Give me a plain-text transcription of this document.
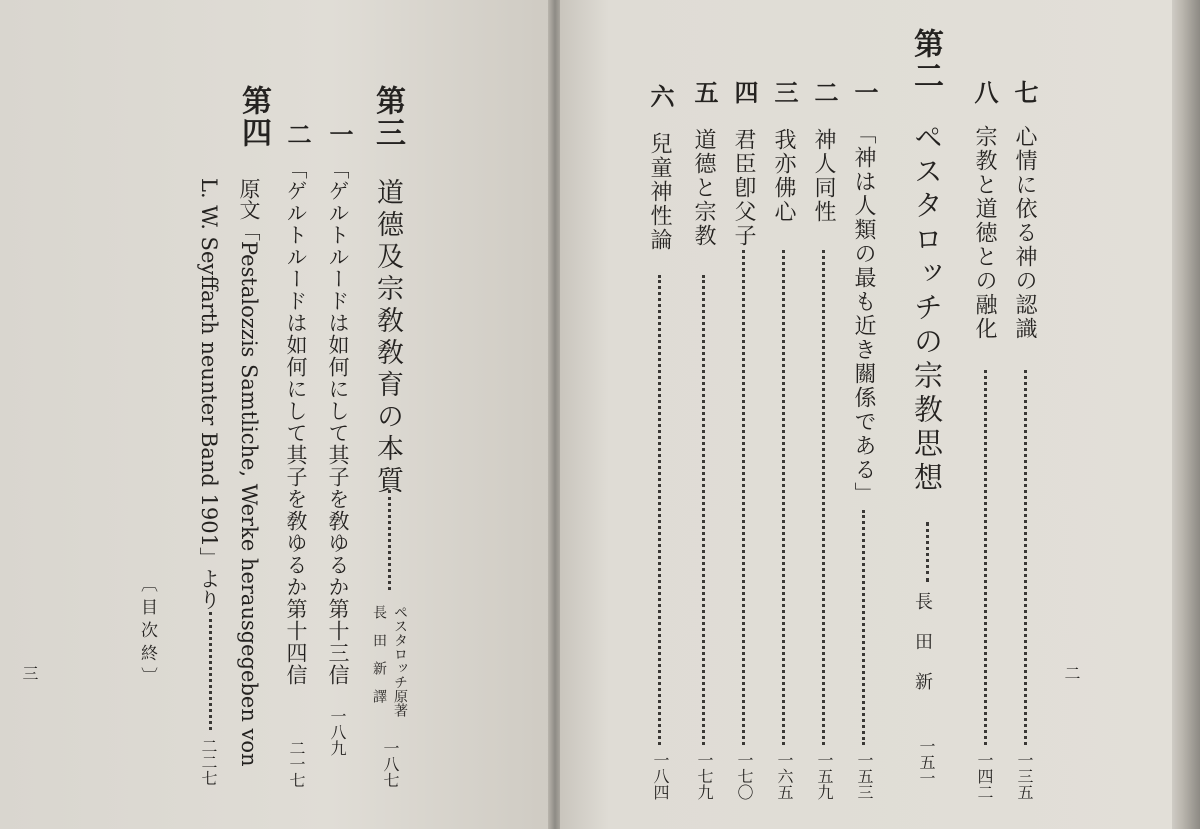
第三
道德及宗敎敎育の本質
ペスタロッチ原著
長田新譯
一八七
一
「ゲルトルードは如何にして其子を敎ゆるか第十三信
一八九
二
「ゲルトルードは如何にして其子を敎ゆるか第十四信
二一七
第四
原文「Pestalozzis Samtliche, Werke herausgegeben von
L. W. Seyffarth neunter Band 1901」より
二二七
〔目次終〕
三
七
心情に依る神の認識
一三五
八
宗教と道徳との融化
一四二
第二
ペスタロッチの宗教思想
長田新
一五一
一
「神は人類の最も近き關係である」
一五三
二
神人同性
一五九
三
我亦佛心
一六五
四
君臣卽父子
一七〇
五
道德と宗教
一七九
六
兒童神性論
一八四
二
